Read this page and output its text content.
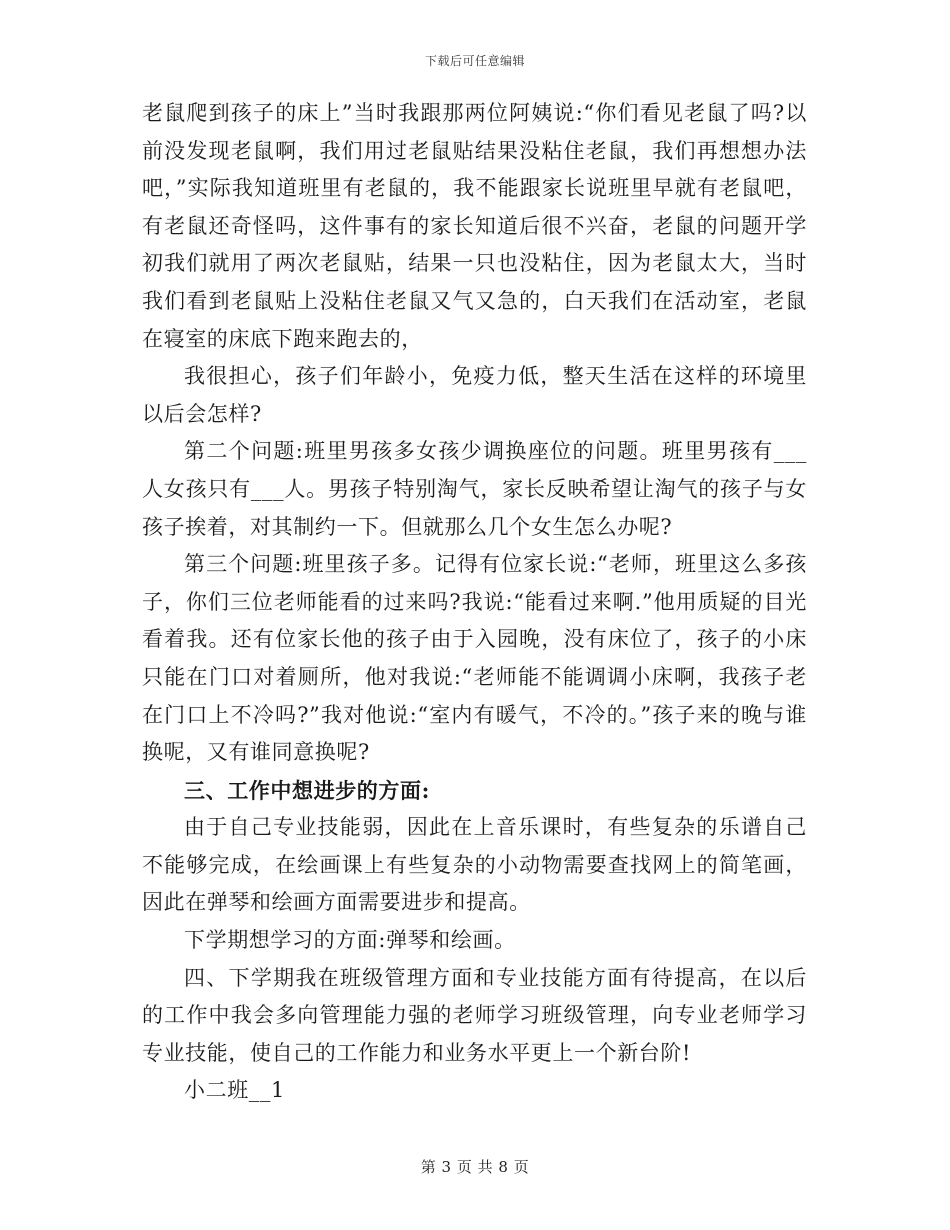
下载后可任意编辑

老鼠爬到孩子的床上”当时我跟那两位阿姨说:“你们看见老鼠了吗?以前没发现老鼠啊，我们用过老鼠贴结果没粘住老鼠，我们再想想办法吧，”实际我知道班里有老鼠的，我不能跟家长说班里早就有老鼠吧，有老鼠还奇怪吗，这件事有的家长知道后很不兴奋，老鼠的问题开学初我们就用了两次老鼠贴，结果一只也没粘住，因为老鼠太大，当时我们看到老鼠贴上没粘住老鼠又气又急的，白天我们在活动室，老鼠在寝室的床底下跑来跑去的，

我很担心，孩子们年龄小，免疫力低，整天生活在这样的环境里以后会怎样?

第二个问题:班里男孩多女孩少调换座位的问题。班里男孩有___人女孩只有___人。男孩子特别淘气，家长反映希望让淘气的孩子与女孩子挨着，对其制约一下。但就那么几个女生怎么办呢?

第三个问题:班里孩子多。记得有位家长说:“老师，班里这么多孩子，你们三位老师能看的过来吗?我说:“能看过来啊.”他用质疑的目光看着我。还有位家长他的孩子由于入园晚，没有床位了，孩子的小床只能在门口对着厕所，他对我说:“老师能不能调调小床啊，我孩子老在门口上不冷吗?”我对他说:“室内有暖气，不冷的。”孩子来的晚与谁换呢，又有谁同意换呢?

三、工作中想进步的方面:

由于自己专业技能弱，因此在上音乐课时，有些复杂的乐谱自己不能够完成，在绘画课上有些复杂的小动物需要查找网上的简笔画，因此在弹琴和绘画方面需要进步和提高。

下学期想学习的方面:弹琴和绘画。

四、下学期我在班级管理方面和专业技能方面有待提高，在以后的工作中我会多向管理能力强的老师学习班级管理，向专业老师学习专业技能，使自己的工作能力和业务水平更上一个新台阶!

小二班__1

第 3 页 共 8 页
